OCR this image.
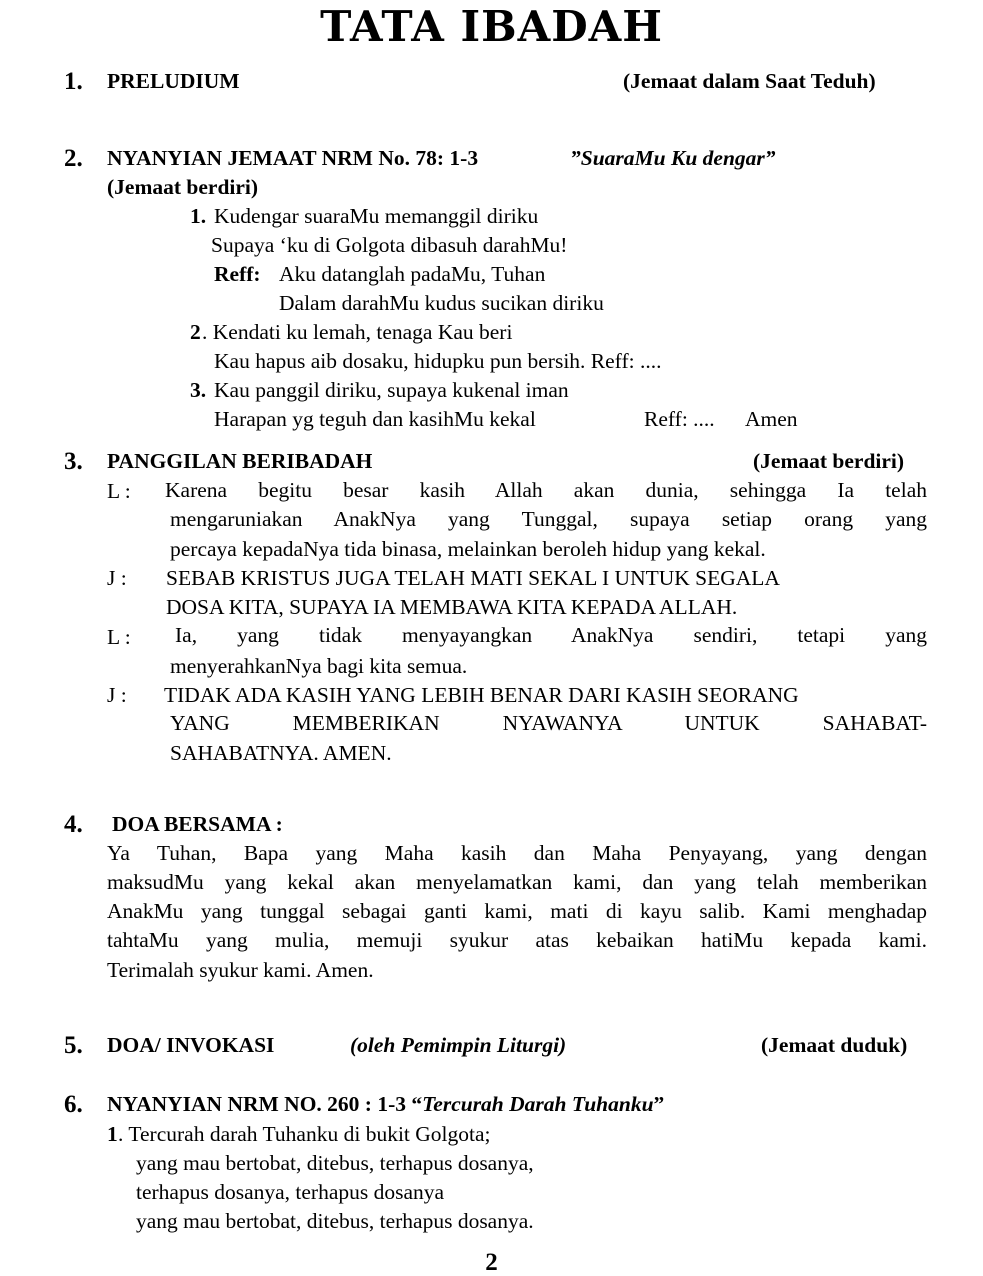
TATA IBADAH
1. PRELUDIUM	(Jemaat dalam Saat Teduh)
2. NYANYIAN JEMAAT NRM No. 78: 1-3	”SuaraMu Ku dengar”
(Jemaat berdiri)
1. Kudengar suaraMu memanggil diriku
Supaya ‘ku di Golgota dibasuh darahMu!
Reff: Aku datanglah padaMu, Tuhan
Dalam darahMu kudus sucikan diriku
2 . Kendati ku lemah, tenaga Kau beri
Kau hapus aib dosaku, hidupku pun bersih. Reff: ....
3. Kau panggil diriku, supaya kukenal iman
Harapan yg teguh dan kasihMu kekal	Reff: .... Amen
3. PANGGILAN BERIBADAH	(Jemaat berdiri)
L : Karena begitu besar kasih Allah akan dunia, sehingga Ia telah
mengaruniakan AnakNya yang Tunggal, supaya setiap orang yang
percaya kepadaNya tida binasa, melainkan beroleh hidup yang kekal.
J : SEBAB KRISTUS JUGA TELAH MATI SEKAL I UNTUK SEGALA
DOSA KITA, SUPAYA IA MEMBAWA KITA KEPADA ALLAH.
L : Ia, yang tidak menyayangkan AnakNya sendiri, tetapi yang
menyerahkanNya bagi kita semua.
J : TIDAK ADA KASIH YANG LEBIH BENAR DARI KASIH SEORANG
YANG MEMBERIKAN NYAWANYA UNTUK SAHABAT-
SAHABATNYA. AMEN.
4. DOA BERSAMA :
Ya Tuhan, Bapa yang Maha kasih dan Maha Penyayang, yang dengan
maksudMu yang kekal akan menyelamatkan kami, dan yang telah memberikan
AnakMu yang tunggal sebagai ganti kami, mati di kayu salib. Kami menghadap
tahtaMu yang mulia, memuji syukur atas kebaikan hatiMu kepada kami.
Terimalah syukur kami. Amen.
5. DOA/ INVOKASI	(oleh Pemimpin Liturgi)	(Jemaat duduk)
6. NYANYIAN NRM NO. 260 : 1-3 “Tercurah Darah Tuhanku”
1 . Tercurah darah Tuhanku di bukit Golgota;
yang mau bertobat, ditebus, terhapus dosanya,
terhapus dosanya, terhapus dosanya
yang mau bertobat, ditebus, terhapus dosanya.
2
